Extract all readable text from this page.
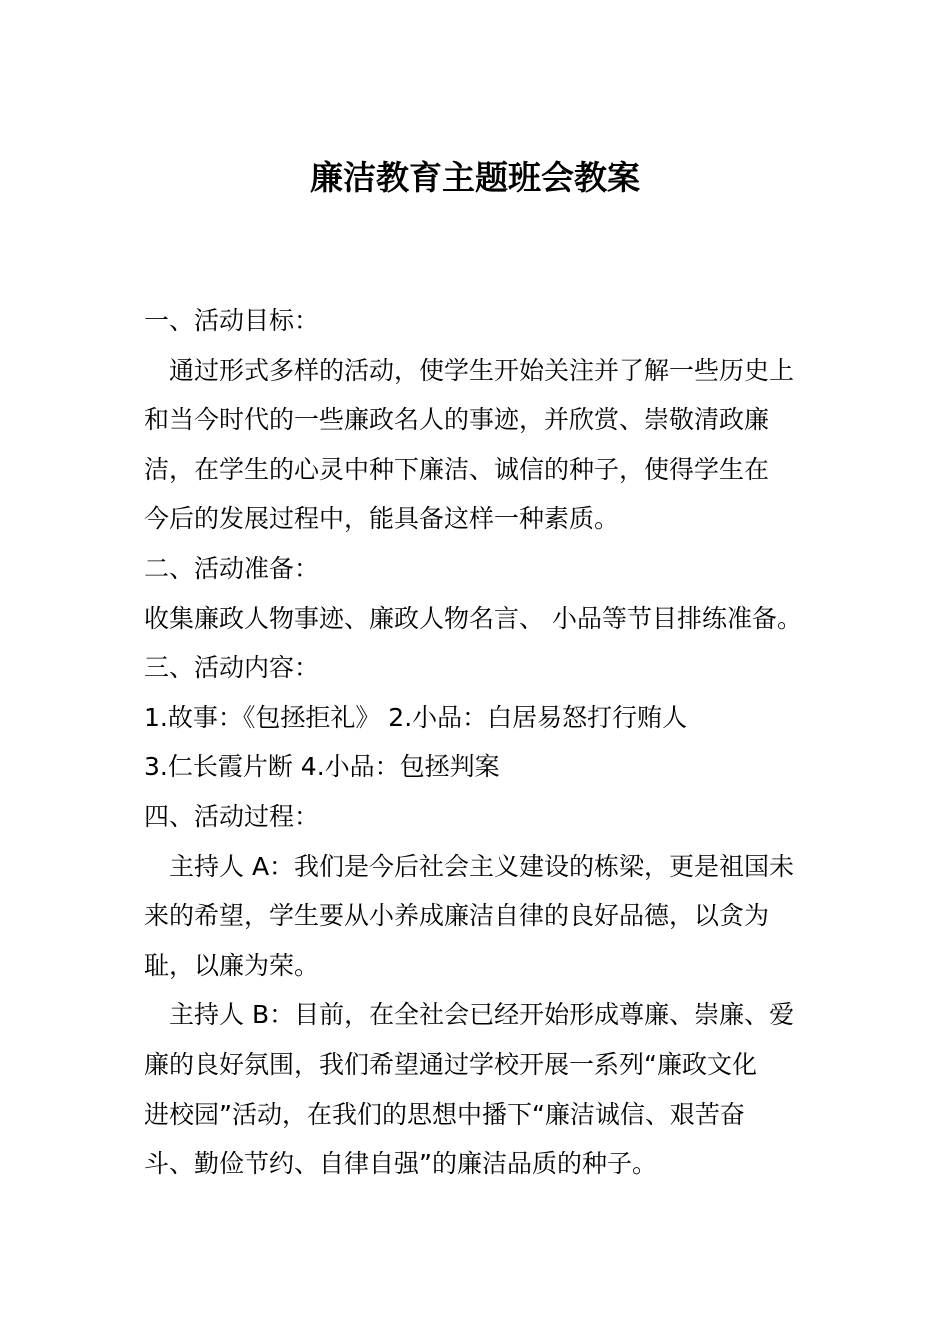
廉洁教育主题班会教案
一、活动目标：
通过形式多样的活动，使学生开始关注并了解一些历史上
和当今时代的一些廉政名人的事迹，并欣赏、崇敬清政廉
洁，在学生的心灵中种下廉洁、诚信的种子，使得学生在
今后的发展过程中，能具备这样一种素质。
二、活动准备：
收集廉政人物事迹、廉政人物名言、 小品等节目排练准备。
三、活动内容：
1.故事：《包拯拒礼》 2.小品：白居易怒打行贿人
3.仁长霞片断 4.小品：包拯判案
四、活动过程：
主持人 A：我们是今后社会主义建设的栋梁，更是祖国未
来的希望，学生要从小养成廉洁自律的良好品德，以贪为
耻，以廉为荣。
主持人 B：目前，在全社会已经开始形成尊廉、崇廉、爱
廉的良好氛围，我们希望通过学校开展一系列“廉政文化
进校园”活动，在我们的思想中播下“廉洁诚信、艰苦奋
斗、勤俭节约、自律自强”的廉洁品质的种子。
